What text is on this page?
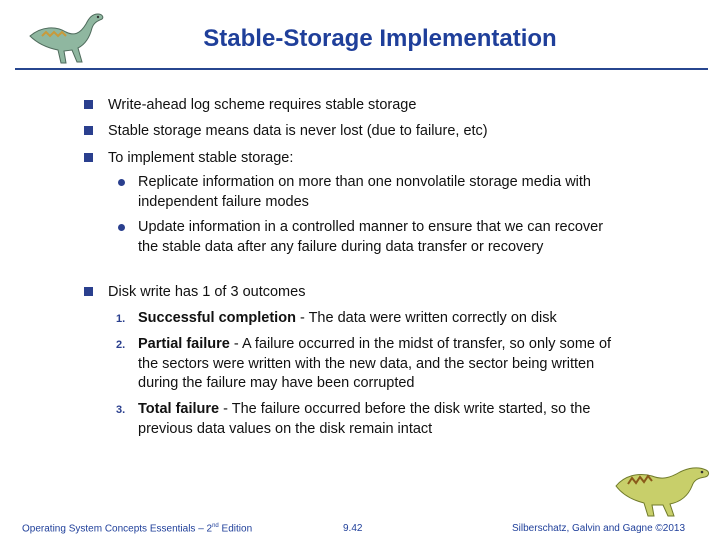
Stable-Storage Implementation
Write-ahead log scheme requires stable storage
Stable storage means data is never lost (due to failure, etc)
To implement stable storage:
Replicate information on more than one nonvolatile storage media with independent failure modes
Update information in a controlled manner to ensure that we can recover the stable data after any failure during data transfer or recovery
Disk write has 1 of 3 outcomes
1. Successful completion - The data were written correctly on disk
2. Partial failure - A failure occurred in the midst of transfer, so only some of the sectors were written with the new data, and the sector being written during the failure may have been corrupted
3. Total failure - The failure occurred before the disk write started, so the previous data values on the disk remain intact
Operating System Concepts Essentials – 2nd Edition	9.42	Silberschatz, Galvin and Gagne ©2013
